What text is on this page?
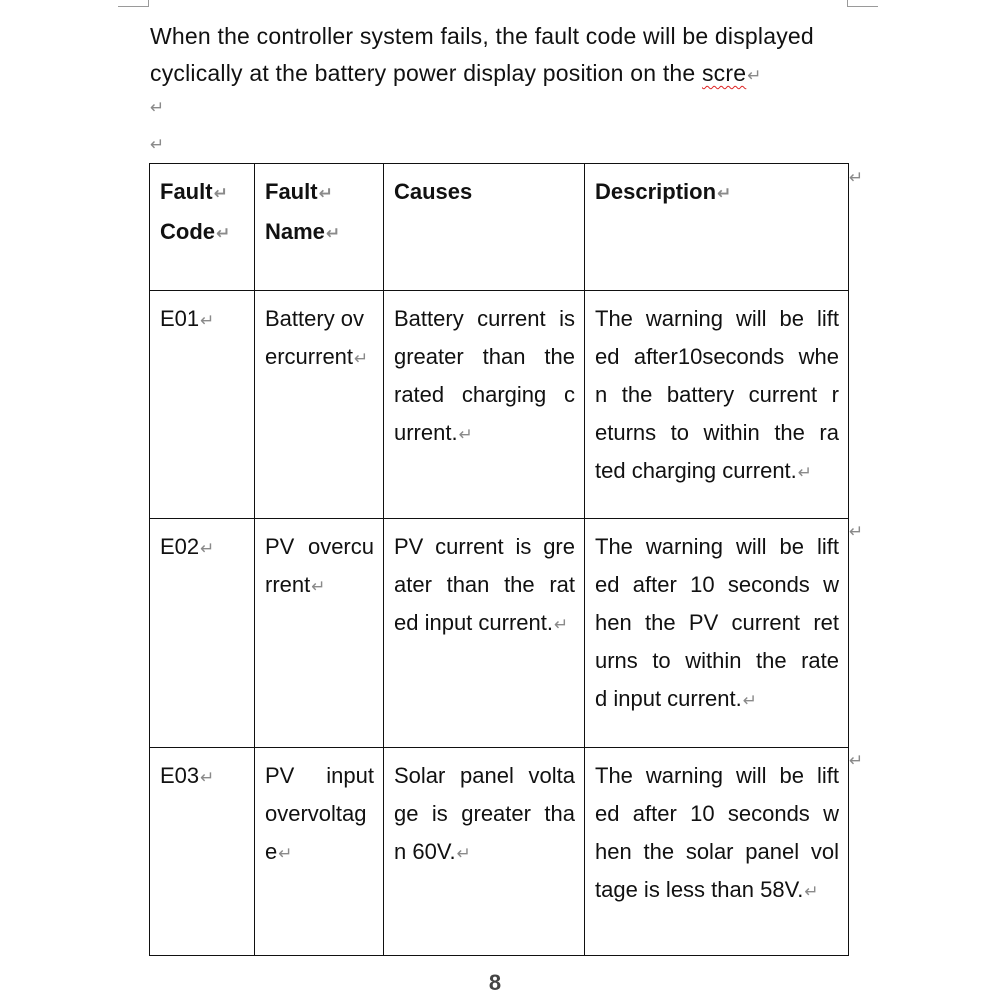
When the controller system fails, the fault code will be displayed
cyclically at the battery power display position on the scre↵
↵
↵
Fault↵
Code↵	Fault↵
Name↵	Causes	Description↵
E01↵	Battery ov
ercurrent↵	Battery current is
greater than the
rated charging c
urrent.↵	The warning will be lift
ed after10seconds whe
n the battery current r
eturns to within the ra
ted charging current.↵

E02↵	PV overcu
rrent↵	PV current is gre
ater than the rat
ed input current.↵	The warning will be lift
ed after 10 seconds w
hen the PV current ret
urns to within the rate
d input current.↵

E03↵	PV input
overvoltag
e↵	Solar panel volta
ge is greater tha
n 60V.↵	The warning will be lift
ed after 10 seconds w
hen the solar panel vol
tage is less than 58V.↵
↵
↵
↵
8
